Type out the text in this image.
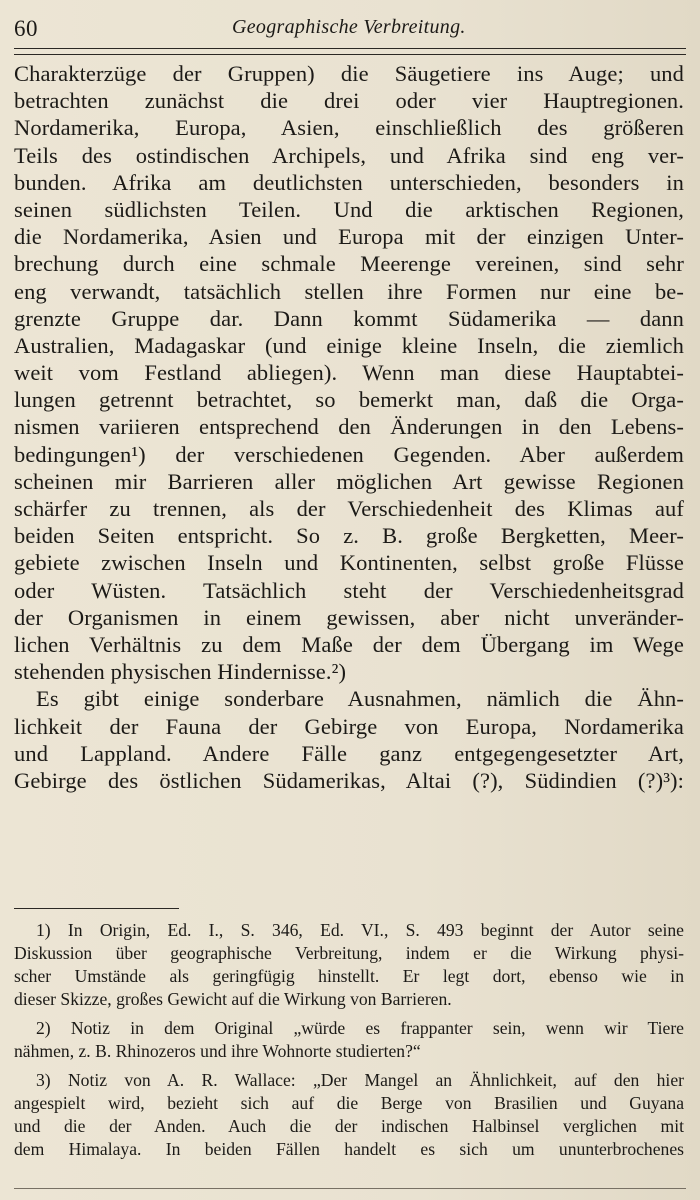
60	Geographische Verbreitung.
Charakterzüge der Gruppen) die Säugetiere ins Auge; und
betrachten zunächst die drei oder vier Hauptregionen.
Nordamerika, Europa, Asien, einschließlich des größeren
Teils des ostindischen Archipels, und Afrika sind eng ver-
bunden. Afrika am deutlichsten unterschieden, besonders in
seinen südlichsten Teilen. Und die arktischen Regionen,
die Nordamerika, Asien und Europa mit der einzigen Unter-
brechung durch eine schmale Meerenge vereinen, sind sehr
eng verwandt, tatsächlich stellen ihre Formen nur eine be-
grenzte Gruppe dar. Dann kommt Südamerika — dann
Australien, Madagaskar (und einige kleine Inseln, die ziemlich
weit vom Festland abliegen). Wenn man diese Hauptabtei-
lungen getrennt betrachtet, so bemerkt man, daß die Orga-
nismen variieren entsprechend den Änderungen in den Lebens-
bedingungen¹) der verschiedenen Gegenden. Aber außerdem
scheinen mir Barrieren aller möglichen Art gewisse Regionen
schärfer zu trennen, als der Verschiedenheit des Klimas auf
beiden Seiten entspricht. So z. B. große Bergketten, Meer-
gebiete zwischen Inseln und Kontinenten, selbst große Flüsse
oder Wüsten. Tatsächlich steht der Verschiedenheitsgrad
der Organismen in einem gewissen, aber nicht unveränder-
lichen Verhältnis zu dem Maße der dem Übergang im Wege
stehenden physischen Hindernisse.²)
Es gibt einige sonderbare Ausnahmen, nämlich die Ähn-
lichkeit der Fauna der Gebirge von Europa, Nordamerika
und Lappland. Andere Fälle ganz entgegengesetzter Art,
Gebirge des östlichen Südamerikas, Altai (?), Südindien (?)³):
1) In Origin, Ed. I., S. 346, Ed. VI., S. 493 beginnt der Autor seine
Diskussion über geographische Verbreitung, indem er die Wirkung physi-
scher Umstände als geringfügig hinstellt. Er legt dort, ebenso wie in
dieser Skizze, großes Gewicht auf die Wirkung von Barrieren.
2) Notiz in dem Original „würde es frappanter sein, wenn wir Tiere
nähmen, z. B. Rhinozeros und ihre Wohnorte studierten?“
3) Notiz von A. R. Wallace: „Der Mangel an Ähnlichkeit, auf den hier
angespielt wird, bezieht sich auf die Berge von Brasilien und Guyana
und die der Anden. Auch die der indischen Halbinsel verglichen mit
dem Himalaya. In beiden Fällen handelt es sich um ununterbrochenes
